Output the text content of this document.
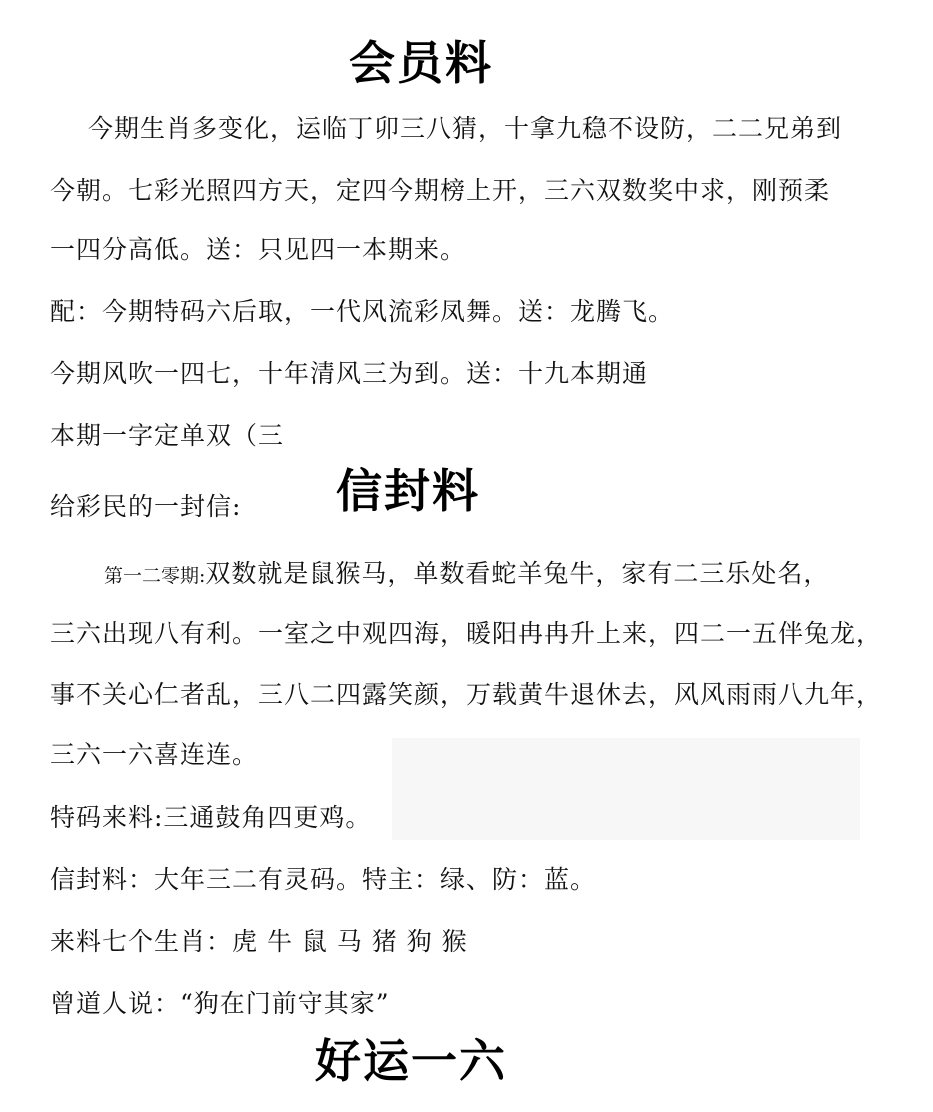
会员料
今期生肖多变化，运临丁卯三八猜，十拿九稳不设防，二二兄弟到
今朝。七彩光照四方天，定四今期榜上开，三六双数奖中求，刚预柔
一四分高低。送：只见四一本期来。
配：今期特码六后取，一代风流彩凤舞。送：龙腾飞。
今期风吹一四七，十年清风三为到。送：十九本期通
本期一字定单双（三
给彩民的一封信: 信封料
第一二零期:双数就是鼠猴马，单数看蛇羊兔牛，家有二三乐处名，
三六出现八有利。一室之中观四海，暖阳冉冉升上来，四二一五伴兔龙，
事不关心仁者乱，三八二四露笑颜，万载黄牛退休去，风风雨雨八九年，
三六一六喜连连。
特码来料:三通鼓角四更鸡。
信封料：大年三二有灵码。特主：绿、防：蓝。
来料七个生肖：虎 牛 鼠 马 猪 狗 猴
曾道人说：“狗在门前守其家”
好运一六
